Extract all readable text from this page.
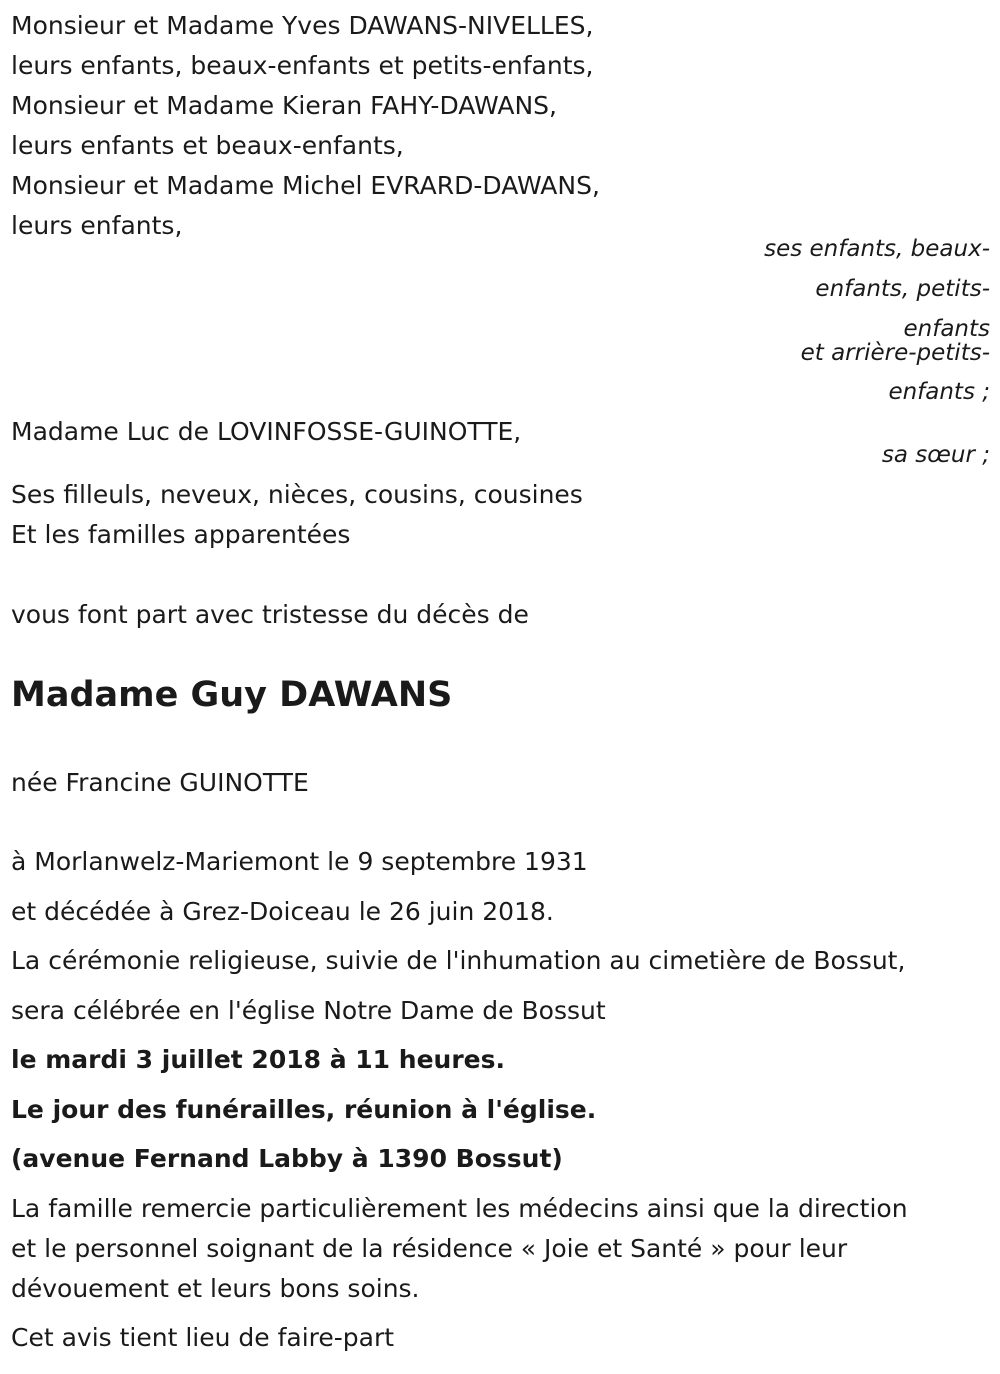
Monsieur et Madame Yves DAWANS-NIVELLES,
leurs enfants, beaux-enfants et petits-enfants,
Monsieur et Madame Kieran FAHY-DAWANS,
leurs enfants et beaux-enfants,
Monsieur et Madame Michel EVRARD-DAWANS,
leurs enfants,
ses enfants, beaux-
enfants, petits-
enfants
et arrière-petits-
enfants ;
Madame Luc de LOVINFOSSE-GUINOTTE,
sa sœur ;
Ses filleuls, neveux, nièces, cousins, cousines
Et les familles apparentées
vous font part avec tristesse du décès de
Madame Guy DAWANS
née Francine GUINOTTE
à Morlanwelz-Mariemont le 9 septembre 1931
et décédée à Grez-Doiceau le 26 juin 2018.
La cérémonie religieuse, suivie de l'inhumation au cimetière de Bossut,
sera célébrée en l'église Notre Dame de Bossut
le mardi 3 juillet 2018 à 11 heures.
Le jour des funérailles, réunion à l'église.
(avenue Fernand Labby à 1390 Bossut)
La famille remercie particulièrement les médecins ainsi que la direction
et le personnel soignant de la résidence « Joie et Santé » pour leur
dévouement et leurs bons soins.
Cet avis tient lieu de faire-part
